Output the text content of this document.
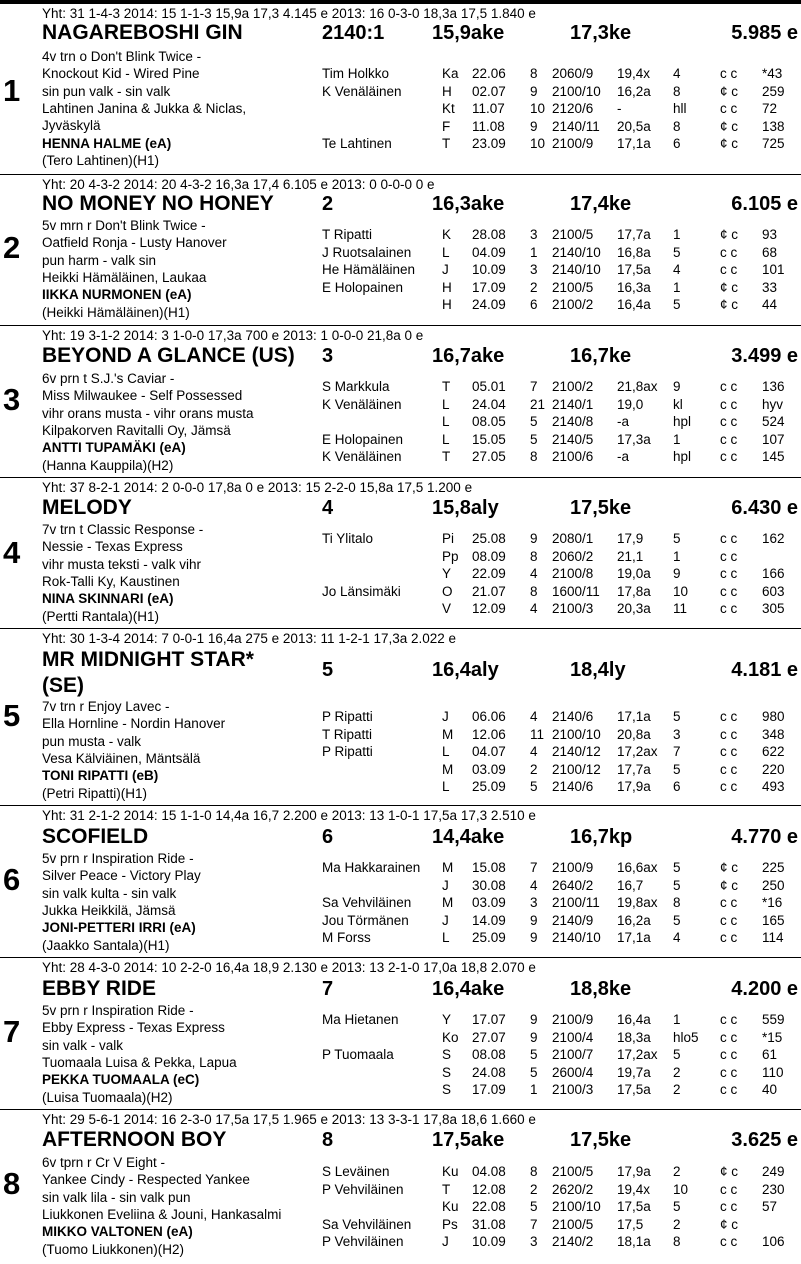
1
Yht: 31 1-4-3 2014: 15 1-1-3 15,9a 17,3 4.145 e 2013: 16 0-3-0 18,3a 17,5 1.840 e
NAGAREBOSHI GIN	2140:1 15,9ake	17,3ke	5.985 e
4v trn o Don't Blink Twice -
Knockout Kid - Wired Pine
sin pun valk - sin valk
Lahtinen Janina & Jukka & Niclas,
Jyväskylä
HENNA HALME (eA)
(Tero Lahtinen)(H1)
Tim Holkko	Ka 22.06 8 2060/9 19,4x 4	c c *43
K Venäläinen	H 02.07 9 2100/10 16,2a 8	¢ c 259
Kt 11.07 10 2120/6 -	hll c c 72
F 11.08 9 2140/11 20,5a 8	¢ c 138
Te Lahtinen	T 23.09 10 2100/9 17,1a 6	¢ c 725
2
Yht: 20 4-3-2 2014: 20 4-3-2 16,3a 17,4 6.105 e 2013: 0 0-0-0 0 e
NO MONEY NO HONEY 2	16,3ake	17,4ke	6.105 e
5v mrn r Don't Blink Twice -
Oatfield Ronja - Lusty Hanover
pun harm - valk sin
Heikki Hämäläinen, Laukaa
IIKKA NURMONEN (eA)
(Heikki Hämäläinen)(H1)
T Ripatti	K 28.08 3 2100/5 17,7a 1	¢ c 93
J Ruotsalainen L 04.09 1 2140/10 16,8a 5	c c 68
He Hämäläinen J 10.09 3 2140/10 17,5a 4	c c 101
E Holopainen	H 17.09 2 2100/5 16,3a 1	¢ c 33
H 24.09 6 2100/2 16,4a 5	¢ c 44
3
Yht: 19 3-1-2 2014: 3 1-0-0 17,3a 700 e 2013: 1 0-0-0 21,8a 0 e
BEYOND A GLANCE (US) 3	16,7ake	16,7ke	3.499 e
6v prn t S.J.'s Caviar -
Miss Milwaukee - Self Possessed
vihr orans musta - vihr orans musta
Kilpakorven Ravitalli Oy, Jämsä
ANTTI TUPAMÄKI (eA)
(Hanna Kauppila)(H2)
S Markkula	T 05.01 7 2100/2 21,8ax 9	c c 136
K Venäläinen	L 24.04 21 2140/1 19,0 kl	c c hyv
L 08.05 5 2140/8 -a	hpl c c 524
E Holopainen	L 15.05 5 2140/5 17,3a 1	c c 107
K Venäläinen	T 27.05 8 2100/6 -a	hpl c c 145
4
Yht: 37 8-2-1 2014: 2 0-0-0 17,8a 0 e 2013: 15 2-2-0 15,8a 17,5 1.200 e
MELODY	4	15,8aly	17,5ke	6.430 e
7v trn t Classic Response -
Nessie - Texas Express
vihr musta teksti - valk vihr
Rok-Talli Ky, Kaustinen
NINA SKINNARI (eA)
(Pertti Rantala)(H1)
Ti Ylitalo	Pi 25.08 9 2080/1 17,9 5	c c 162
Pp 08.09 8 2060/2 21,1 1	c c
Y 22.09 4 2100/8 19,0a 9	c c 166
Jo Länsimäki	O 21.07 8 1600/11 17,8a 10 c c 603
V 12.09 4 2100/3 20,3a 11 c c 305
5
Yht: 30 1-3-4 2014: 7 0-0-1 16,4a 275 e 2013: 11 1-2-1 17,3a 2.022 e
MR MIDNIGHT STAR*
(SE)
5	16,4aly	18,4ly	4.181 e
7v trn r Enjoy Lavec -
Ella Hornline - Nordin Hanover
pun musta - valk
Vesa Kälviäinen, Mäntsälä
TONI RIPATTI (eB)
(Petri Ripatti)(H1)
P Ripatti	J 06.06 4 2140/6 17,1a 5	c c 980
T Ripatti	M 12.06 11 2100/10 20,8a 3	c c 348
P Ripatti	L 04.07 4 2140/12 17,2ax 7	c c 622
M 03.09 2 2100/12 17,7a 5	c c 220
L 25.09 5 2140/6 17,9a 6	c c 493
6
Yht: 31 2-1-2 2014: 15 1-1-0 14,4a 16,7 2.200 e 2013: 13 1-0-1 17,5a 17,3 2.510 e
SCOFIELD	6	14,4ake	16,7kp	4.770 e
5v prn r Inspiration Ride -
Silver Peace - Victory Play
sin valk kulta - sin valk
Jukka Heikkilä, Jämsä
JONI-PETTERI IRRI (eA)
(Jaakko Santala)(H1)
Ma Hakkarainen M 15.08 7 2100/9 16,6ax 5	¢ c 225
J 30.08 4 2640/2 16,7 5	¢ c 250
Sa Vehviläinen M 03.09 3 2100/11 19,8ax 8	c c *16
Jou Törmänen J 14.09 9 2140/9 16,2a 5	c c 165
M Forss	L 25.09 9 2140/10 17,1a 4	c c 114
7
Yht: 28 4-3-0 2014: 10 2-2-0 16,4a 18,9 2.130 e 2013: 13 2-1-0 17,0a 18,8 2.070 e
EBBY RIDE	7	16,4ake	18,8ke	4.200 e
5v prn r Inspiration Ride -
Ebby Express - Texas Express
sin valk - valk
Tuomaala Luisa & Pekka, Lapua
PEKKA TUOMAALA (eC)
(Luisa Tuomaala)(H2)
Ma Hietanen	Y 17.07 9 2100/9 16,4a 1	c c 559
Ko 27.07 9 2100/4 18,3a hlo5 c c *15
P Tuomaala	S 08.08 5 2100/7 17,2ax 5	c c 61
S 24.08 5 2600/4 19,7a 2	c c 110
S 17.09 1 2100/3 17,5a 2	c c 40
8
Yht: 29 5-6-1 2014: 16 2-3-0 17,5a 17,5 1.965 e 2013: 13 3-3-1 17,8a 18,6 1.660 e
AFTERNOON BOY	8	17,5ake	17,5ke	3.625 e
6v tprn r Cr V Eight -
Yankee Cindy - Respected Yankee
sin valk lila - sin valk pun
Liukkonen Eveliina & Jouni, Hankasalmi
MIKKO VALTONEN (eA)
(Tuomo Liukkonen)(H2)
S Leväinen	Ku 04.08 8 2100/5 17,9a 2	¢ c 249
P Vehviläinen	T 12.08 2 2620/2 19,4x 10 c c 230
Ku 22.08 5 2100/10 17,5a 5	c c 57
Sa Vehviläinen Ps 31.08 7 2100/5 17,5 2	¢ c
P Vehviläinen	J 10.09 3 2140/2 18,1a 8	c c 106
